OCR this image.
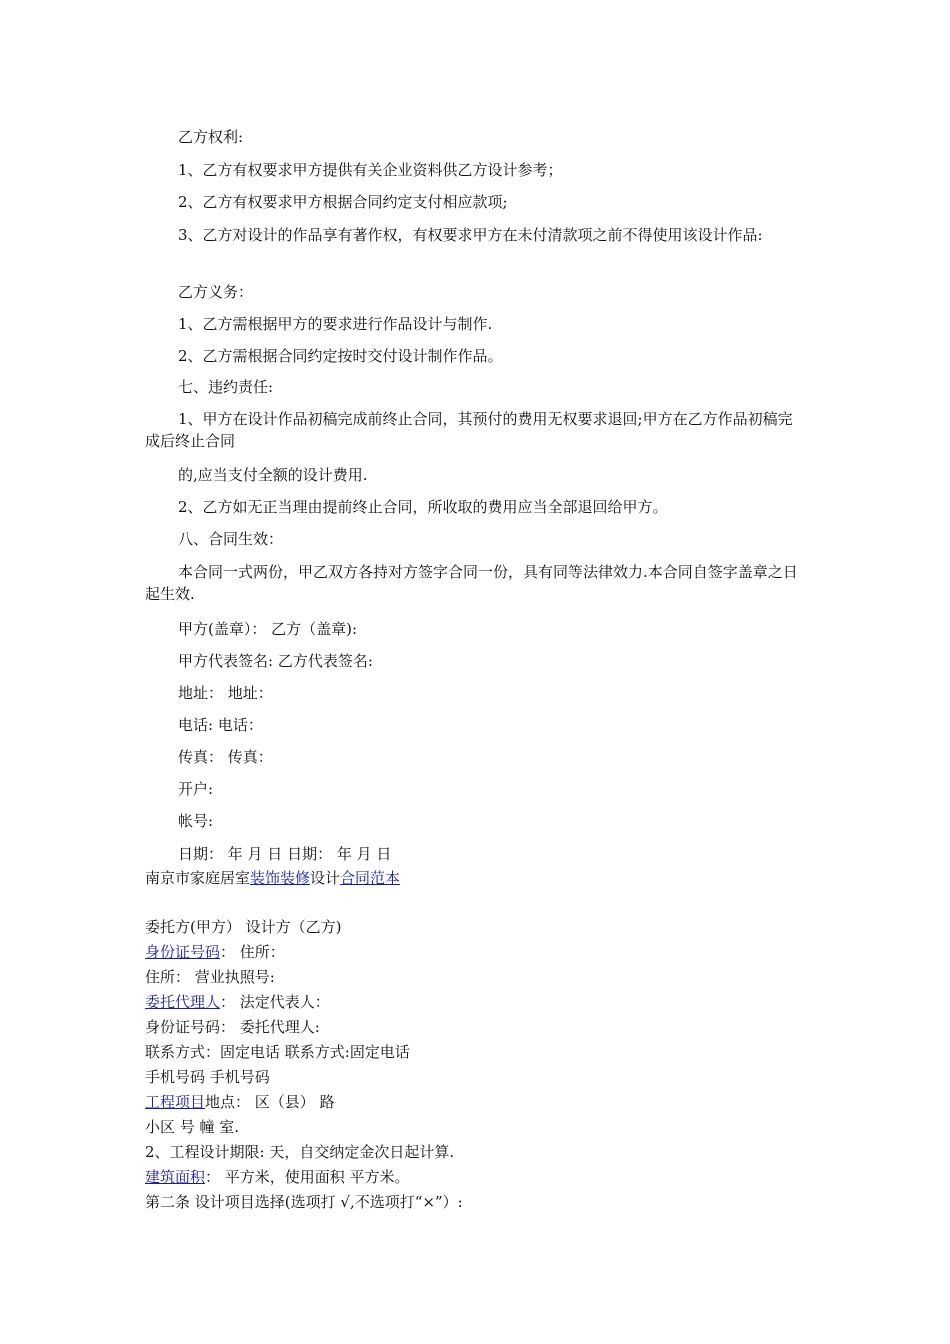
乙方权利:
1、乙方有权要求甲方提供有关企业资料供乙方设计参考；
2、乙方有权要求甲方根据合同约定支付相应款项;
3、乙方对设计的作品享有著作权，有权要求甲方在未付清款项之前不得使用该设计作品:
乙方义务：
1、乙方需根据甲方的要求进行作品设计与制作.
2、乙方需根据合同约定按时交付设计制作作品。
七、违约责任:
1、甲方在设计作品初稿完成前终止合同，其预付的费用无权要求退回;甲方在乙方作品初稿完成后终止合同
的,应当支付全额的设计费用.
2、乙方如无正当理由提前终止合同，所收取的费用应当全部退回给甲方。
八、合同生效：
本合同一式两份，甲乙双方各持对方签字合同一份，具有同等法律效力.本合同自签字盖章之日起生效.
甲方(盖章）： 乙方（盖章):
甲方代表签名: 乙方代表签名:
地址： 地址：
电话: 电话：
传真： 传真：
开户:
帐号:
日期： 年 月 日 日期： 年 月 日
南京市家庭居室装饰装修设计合同范本
委托方(甲方） 设计方（乙方)
身份证号码： 住所：
住所： 营业执照号:
委托代理人： 法定代表人：
身份证号码： 委托代理人:
联系方式：固定电话 联系方式:固定电话
手机号码 手机号码
工程项目地点： 区（县） 路
小区 号 幢 室.
2、工程设计期限: 天，自交纳定金次日起计算.
建筑面积： 平方米，使用面积 平方米。
第二条 设计项目选择(选项打 √,不选项打“×”）:
